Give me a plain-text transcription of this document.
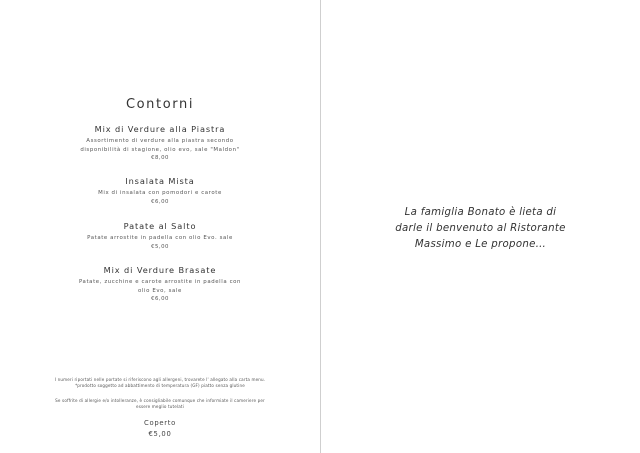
Contorni
Mix di Verdure alla Piastra
Assortimento di verdure alla piastra secondo
disponibilità di stagione, olio evo, sale "Maldon"
€8,00
Insalata Mista
Mix di insalata con pomodori e carote
€6,00
Patate al Salto
Patate arrostite in padella con olio Evo. sale
€5,00
Mix di Verdure Brasate
Patate, zucchine e carote arrostite in padella con
olio Evo, sale
€6,00
I numeri riportati nelle portate si riferiscono agli allergeni, trovarete l' allegato alla carta menu.
*prodotto soggetto ad abbattimento di temperatura (GF) piatto senza glutine
Se soffrite di allergie e/o intolleranze, è consigliabile comunque che informiate il cameriere per
essere meglio tutelati
Coperto
€5,00
La famiglia Bonato è lieta di
darle il benvenuto al Ristorante
Massimo e Le propone…
